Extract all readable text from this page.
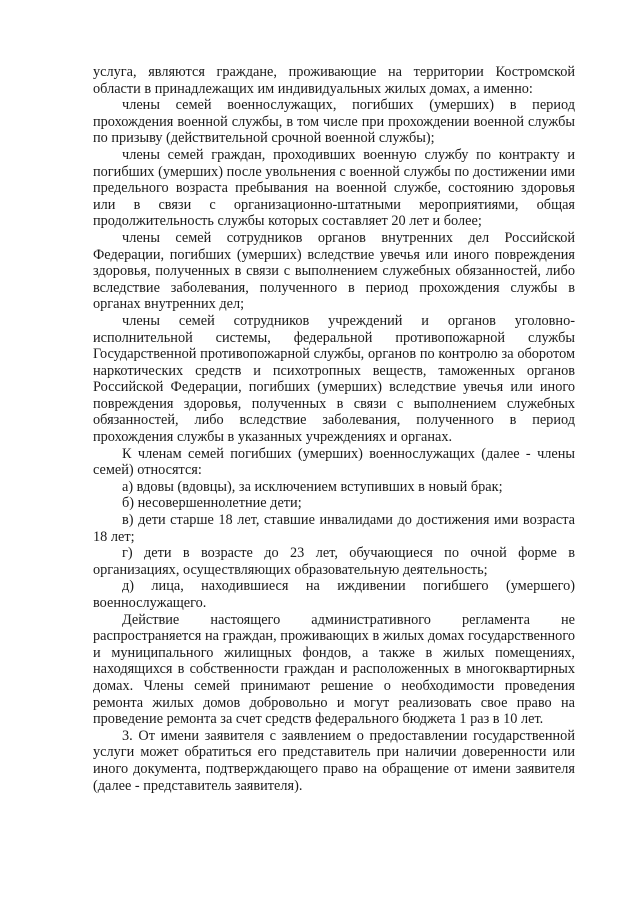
услуга, являются граждане, проживающие на территории Костромской области в принадлежащих им индивидуальных жилых домах, а именно:

члены семей военнослужащих, погибших (умерших) в период прохождения военной службы, в том числе при прохождении военной службы по призыву (действительной срочной военной службы);

члены семей граждан, проходивших военную службу по контракту и погибших (умерших) после увольнения с военной службы по достижении ими предельного возраста пребывания на военной службе, состоянию здоровья или в связи с организационно-штатными мероприятиями, общая продолжительность службы которых составляет 20 лет и более;

члены семей сотрудников органов внутренних дел Российской Федерации, погибших (умерших) вследствие увечья или иного повреждения здоровья, полученных в связи с выполнением служебных обязанностей, либо вследствие заболевания, полученного в период прохождения службы в органах внутренних дел;

члены семей сотрудников учреждений и органов уголовно-исполнительной системы, федеральной противопожарной службы Государственной противопожарной службы, органов по контролю за оборотом наркотических средств и психотропных веществ, таможенных органов Российской Федерации, погибших (умерших) вследствие увечья или иного повреждения здоровья, полученных в связи с выполнением служебных обязанностей, либо вследствие заболевания, полученного в период прохождения службы в указанных учреждениях и органах.

К членам семей погибших (умерших) военнослужащих (далее - члены семей) относятся:

а) вдовы (вдовцы), за исключением вступивших в новый брак;

б) несовершеннолетние дети;

в) дети старше 18 лет, ставшие инвалидами до достижения ими возраста 18 лет;

г) дети в возрасте до 23 лет, обучающиеся по очной форме в организациях, осуществляющих образовательную деятельность;

д) лица, находившиеся на иждивении погибшего (умершего) военнослужащего.

Действие настоящего административного регламента не распространяется на граждан, проживающих в жилых домах государственного и муниципального жилищных фондов, а также в жилых помещениях, находящихся в собственности граждан и расположенных в многоквартирных домах. Члены семей принимают решение о необходимости проведения ремонта жилых домов добровольно и могут реализовать свое право на проведение ремонта за счет средств федерального бюджета 1 раз в 10 лет.

3. От имени заявителя с заявлением о предоставлении государственной услуги может обратиться его представитель при наличии доверенности или иного документа, подтверждающего право на обращение от имени заявителя (далее - представитель заявителя).
